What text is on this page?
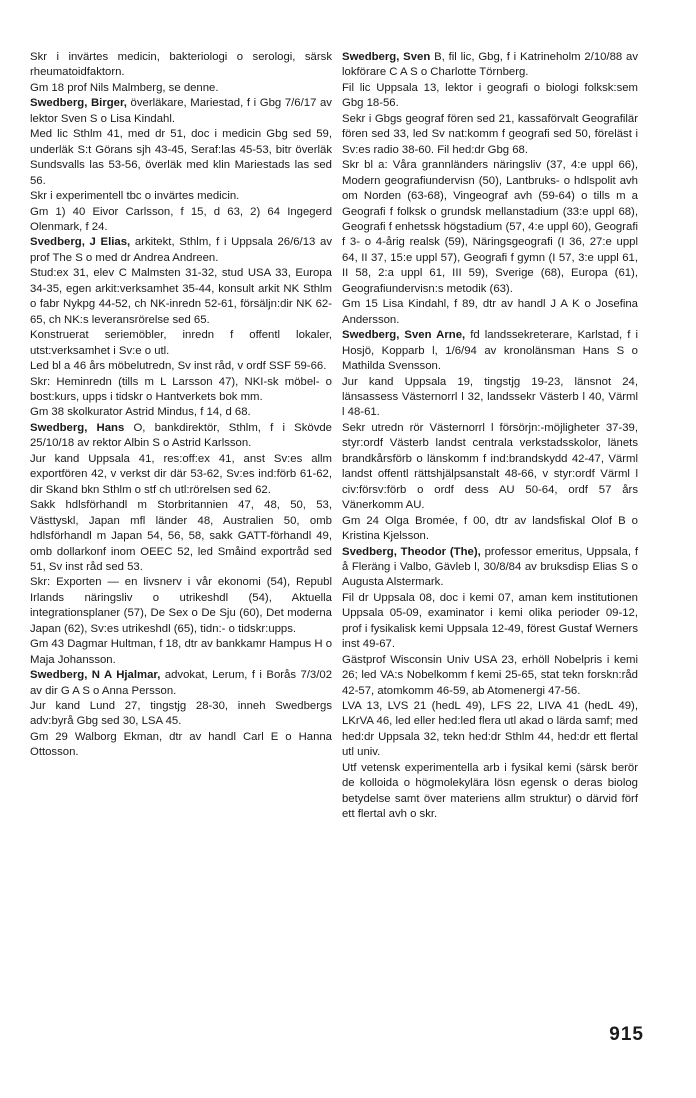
Skr i invärtes medicin, bakteriologi o serologi, särsk rheumatoidfaktorn.
Gm 18 prof Nils Malmberg, se denne.
Swedberg, Birger, överläkare, Mariestad, f i Gbg 7/6/17 av lektor Sven S o Lisa Kindahl.
Med lic Sthlm 41, med dr 51, doc i medicin Gbg sed 59, underläk S:t Görans sjh 43-45, Seraf:las 45-53, bitr överläk Sundsvalls las 53-56, överläk med klin Mariestads las sed 56.
Skr i experimentell tbc o invärtes medicin.
Gm 1) 40 Eivor Carlsson, f 15, d 63, 2) 64 Ingegerd Olenmark, f 24.
Svedberg, J Elias, arkitekt, Sthlm, f i Uppsala 26/6/13 av prof The S o med dr Andrea Andreen.
Stud:ex 31, elev C Malmsten 31-32, stud USA 33, Europa 34-35, egen arkit:verksamhet 35-44, konsult arkit NK Sthlm o fabr Nykpg 44-52, ch NK-inredn 52-61, försäljn:dir NK 62-65, ch NK:s leveransrörelse sed 65.
Konstruerat seriemöbler, inredn f offentl lokaler, utst:verksamhet i Sv:e o utl.
Led bl a 46 års möbelutredn, Sv inst råd, v ordf SSF 59-66.
Skr: Heminredn (tills m L Larsson 47), NKI-sk möbel- o bost:kurs, upps i tidskr o Hantverkets bok mm.
Gm 38 skolkurator Astrid Mindus, f 14, d 68.
Swedberg, Hans O, bankdirektör, Sthlm, f i Skövde 25/10/18 av rektor Albin S o Astrid Karlsson.
Jur kand Uppsala 41, res:off:ex 41, anst Sv:es allm exportfören 42, v verkst dir där 53-62, Sv:es ind:förb 61-62, dir Skand bkn Sthlm o stf ch utl:rörelsen sed 62.
Sakk hdlsförhandl m Storbritannien 47, 48, 50, 53, Västtyskl, Japan mfl länder 48, Australien 50, omb hdlsförhandl m Japan 54, 56, 58, sakk GATT-förhandl 49, omb dollarkonf inom OEEC 52, led Småind exportråd sed 51, Sv inst råd sed 53.
Skr: Exporten — en livsnerv i vår ekonomi (54), Republ Irlands näringsliv o utrikeshdl (54), Aktuella integrationsplaner (57), De Sex o De Sju (60), Det moderna Japan (62), Sv:es utrikeshdl (65), tidn:- o tidskr:upps.
Gm 43 Dagmar Hultman, f 18, dtr av bankkamr Hampus H o Maja Johansson.
Swedberg, N A Hjalmar, advokat, Lerum, f i Borås 7/3/02 av dir G A S o Anna Persson.
Jur kand Lund 27, tingstjg 28-30, inneh Swedbergs adv:byrå Gbg sed 30, LSA 45.
Gm 29 Walborg Ekman, dtr av handl Carl E o Hanna Ottosson.
Swedberg, Sven B, fil lic, Gbg, f i Katrineholm 2/10/88 av lokförare C A S o Charlotte Törnberg.
Fil lic Uppsala 13, lektor i geografi o biologi folksk:sem Gbg 18-56.
Sekr i Gbgs geograf fören sed 21, kassaförvalt Geografilär fören sed 33, led Sv nat:komm f geografi sed 50, föreläst i Sv:es radio 38-60. Fil hed:dr Gbg 68.
Skr bl a: Våra grannländers näringsliv (37, 4:e uppl 66), Modern geografiundervisn (50), Lantbruks- o hdlspolit avh om Norden (63-68), Vingeograf avh (59-64) o tills m a Geografi f folksk o grundsk mellanstadium (33:e uppl 68), Geografi f enhetssk högstadium (57, 4:e uppl 60), Geografi f 3- o 4-årig realsk (59), Näringsgeografi (I 36, 27:e uppl 64, II 37, 15:e uppl 57), Geografi f gymn (I 57, 3:e uppl 61, II 58, 2:a uppl 61, III 59), Sverige (68), Europa (61), Geografiundervisn:s metodik (63).
Gm 15 Lisa Kindahl, f 89, dtr av handl J A K o Josefina Andersson.
Swedberg, Sven Arne, fd landssekreterare, Karlstad, f i Hosjö, Kopparb l, 1/6/94 av kronolänsman Hans S o Mathilda Svensson.
Jur kand Uppsala 19, tingstjg 19-23, länsnot 24, länsassess Västernorrl l 32, landssekr Västerb l 40, Värml l 48-61.
Sekr utredn rör Västernorrl l försörjn:-möjligheter 37-39, styr:ordf Västerb landst centrala verkstadsskolor, länets brandkårsförb o länskomm f ind:brandskydd 42-47, Värml landst offentl rättshjälpsanstalt 48-66, v styr:ordf Värml l civ:försv:förb o ordf dess AU 50-64, ordf 57 års Vänerkomm AU.
Gm 24 Olga Bromée, f 00, dtr av landsfiskal Olof B o Kristina Kjelsson.
Svedberg, Theodor (The), professor emeritus, Uppsala, f å Fleräng i Valbo, Gävleb l, 30/8/84 av bruksdisp Elias S o Augusta Alstermark.
Fil dr Uppsala 08, doc i kemi 07, aman kem institutionen Uppsala 05-09, examinator i kemi olika perioder 09-12, prof i fysikalisk kemi Uppsala 12-49, förest Gustaf Werners inst 49-67.
Gästprof Wisconsin Univ USA 23, erhöll Nobelpris i kemi 26; led VA:s Nobelkomm f kemi 25-65, stat tekn forskn:råd 42-57, atomkomm 46-59, ab Atomenergi 47-56.
LVA 13, LVS 21 (hedL 49), LFS 22, LIVA 41 (hedL 49), LKrVA 46, led eller hed:led flera utl akad o lärda samf; med hed:dr Uppsala 32, tekn hed:dr Sthlm 44, hed:dr ett flertal utl univ.
Utf vetensk experimentella arb i fysikal kemi (särsk berör de kolloida o högmolekylära lösn egensk o deras biolog betydelse samt över materiens allm struktur) o därvid förf ett flertal avh o skr.
915
